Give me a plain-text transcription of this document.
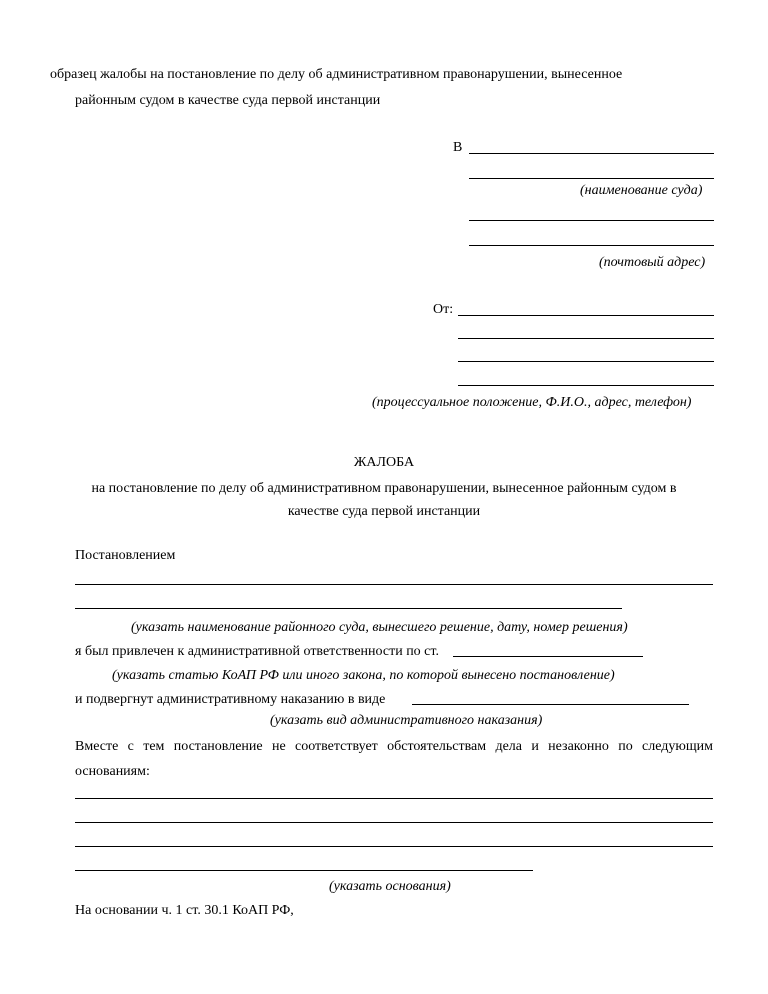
образец жалобы на постановление по делу об административном правонарушении, вынесенное
районным судом в качестве суда первой инстанции
В
(наименование суда)
(почтовый адрес)
От:
(процессуальное положение, Ф.И.О., адрес, телефон)
ЖАЛОБА
на постановление по делу об административном правонарушении, вынесенное районным судом в
качестве суда первой инстанции
Постановлением
(указать наименование районного суда, вынесшего решение, дату, номер решения)
я был привлечен к административной ответственности по ст.
(указать статью КоАП РФ или иного закона, по которой вынесено постановление)
и подвергнут административному наказанию в виде
(указать вид административного наказания)
Вместе с тем постановление не соответствует обстоятельствам дела и незаконно по следующим
основаниям:
(указать основания)
На основании ч. 1 ст. 30.1 КоАП РФ,
